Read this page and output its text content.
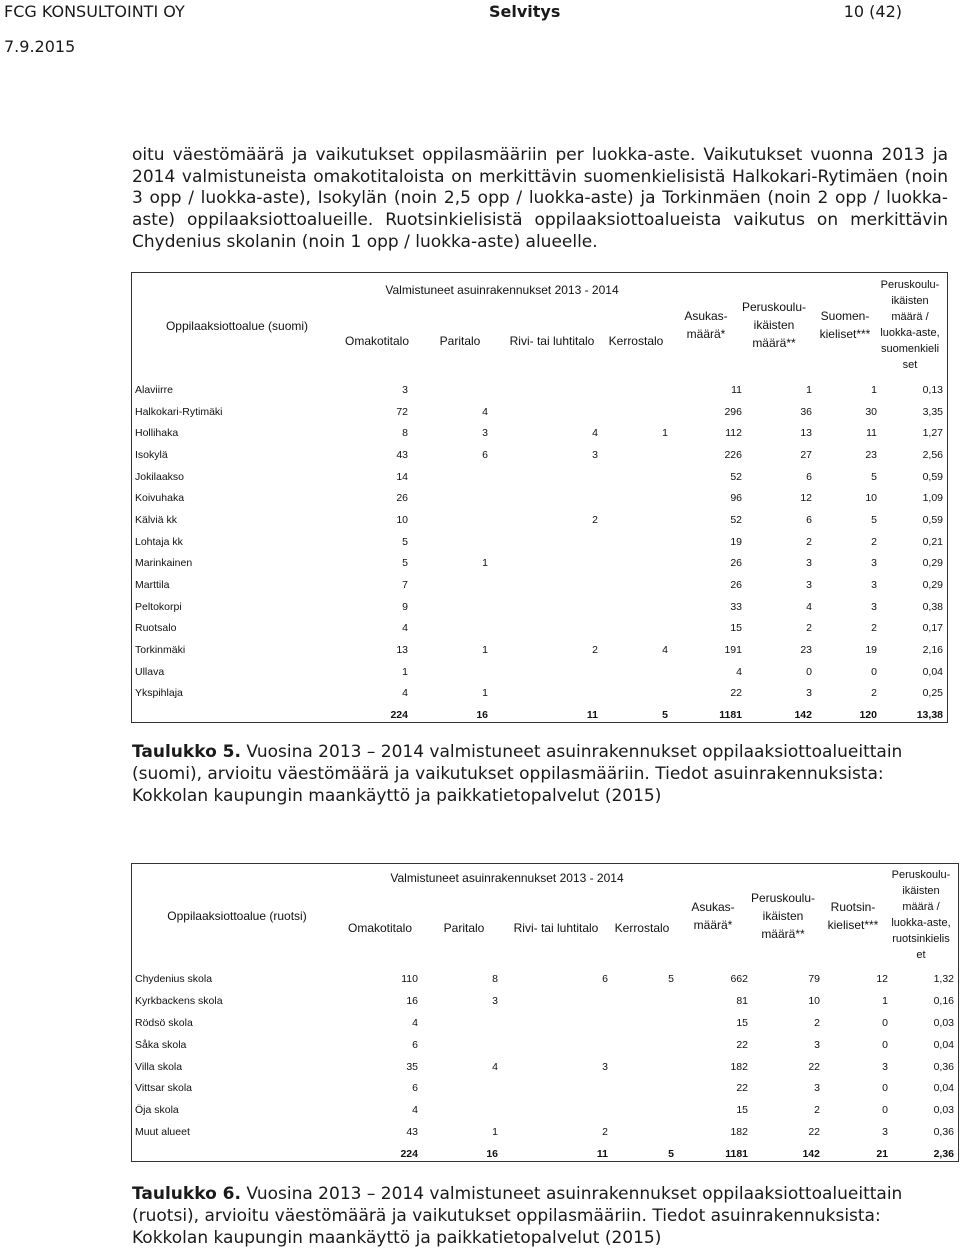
FCG KONSULTOINTI OY	Selvitys	10 (42)
7.9.2015
oitu väestömäärä ja vaikutukset oppilasmääriin per luokka-aste. Vaikutukset vuonna 2013 ja 2014 valmistuneista omakotitaloista on merkittävin suomenkielisistä Halkokari-Rytimäen (noin 3 opp / luokka-aste), Isokylän (noin 2,5 opp / luokka-aste) ja Torkinmäen (noin 2 opp / luokka-aste) oppilaaksiottoalueille. Ruotsinkielisistä oppilaaksiottoalueista vaikutus on merkittävin Chydenius skolanin (noin 1 opp / luokka-aste) alueelle.
Oppilaaksiottoalue (suomi)
Valmistuneet asuinrakennukset 2013 - 2014
Omakotitalo	Paritalo	Rivi- tai luhtitalo	Kerrostalo
Asukas-
määrä*
Peruskoulu-
ikäisten
määrä**
Suomen-
kieliset***
Peruskoulu-
ikäisten
määrä /
luokka-aste,
suomenkieli
set
Alaviirre	3				11	1	1	0,13
Halkokari-Rytimäki	72	4			296	36	30	3,35
Hollihaka	8	3	4	1	112	13	11	1,27
Isokylä	43	6	3		226	27	23	2,56
Jokilaakso	14				52	6	5	0,59
Koivuhaka	26				96	12	10	1,09
Kälviä kk	10		2		52	6	5	0,59
Lohtaja kk	5				19	2	2	0,21
Marinkainen	5	1			26	3	3	0,29
Marttila	7				26	3	3	0,29
Peltokorpi	9				33	4	3	0,38
Ruotsalo	4				15	2	2	0,17
Torkinmäki	13	1	2	4	191	23	19	2,16
Ullava	1				4	0	0	0,04
Ykspihlaja	4	1			22	3	2	0,25
	224	16	11	5	1181	142	120	13,38
Taulukko 5. Vuosina 2013 – 2014 valmistuneet asuinrakennukset oppilaaksiottoalueittain (suomi), arvioitu väestömäärä ja vaikutukset oppilasmääriin. Tiedot asuinrakennuksista: Kokkolan kaupungin maankäyttö ja paikkatietopalvelut (2015)
Oppilaaksiottoalue (ruotsi)
Valmistuneet asuinrakennukset 2013 - 2014
Omakotitalo	Paritalo	Rivi- tai luhtitalo	Kerrostalo
Asukas-
määrä*
Peruskoulu-
ikäisten
määrä**
Ruotsin-
kieliset***
Peruskoulu-
ikäisten
määrä /
luokka-aste,
ruotsinkielis
et
Chydenius skola	110	8	6	5	662	79	12	1,32
Kyrkbackens skola	16	3			81	10	1	0,16
Rödsö skola	4				15	2	0	0,03
Såka skola	6				22	3	0	0,04
Villa skola	35	4	3		182	22	3	0,36
Vittsar skola	6				22	3	0	0,04
Öja skola	4				15	2	0	0,03
Muut alueet	43	1	2		182	22	3	0,36
	224	16	11	5	1181	142	21	2,36
Taulukko 6. Vuosina 2013 – 2014 valmistuneet asuinrakennukset oppilaaksiottoalueittain (ruotsi), arvioitu väestömäärä ja vaikutukset oppilasmääriin. Tiedot asuinrakennuksista: Kokkolan kaupungin maankäyttö ja paikkatietopalvelut (2015)
